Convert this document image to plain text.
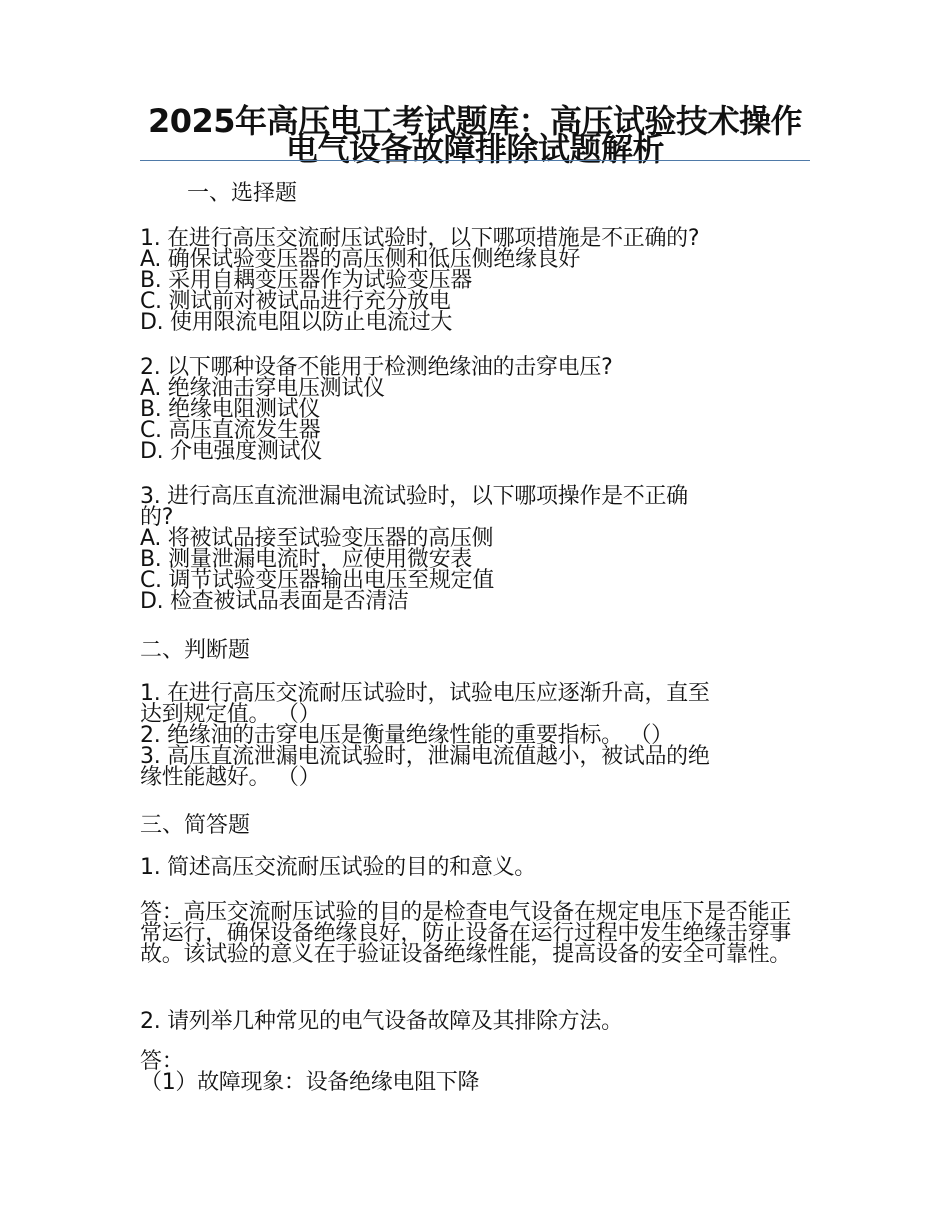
2025年高压电工考试题库：高压试验技术操作电气设备故障排除试题解析
一、选择题
1. 在进行高压交流耐压试验时，以下哪项措施是不正确的?
A. 确保试验变压器的高压侧和低压侧绝缘良好
B. 采用自耦变压器作为试验变压器
C. 测试前对被试品进行充分放电
D. 使用限流电阻以防止电流过大
2. 以下哪种设备不能用于检测绝缘油的击穿电压?
A. 绝缘油击穿电压测试仪
B. 绝缘电阻测试仪
C. 高压直流发生器
D. 介电强度测试仪
3. 进行高压直流泄漏电流试验时，以下哪项操作是不正确
的?
A. 将被试品接至试验变压器的高压侧
B. 测量泄漏电流时，应使用微安表
C. 调节试验变压器输出电压至规定值
D. 检查被试品表面是否清洁
二、判断题
1. 在进行高压交流耐压试验时，试验电压应逐渐升高，直至
达到规定值。 （）
2. 绝缘油的击穿电压是衡量绝缘性能的重要指标。 （）
3. 高压直流泄漏电流试验时，泄漏电流值越小，被试品的绝
缘性能越好。 （）
三、简答题
1. 简述高压交流耐压试验的目的和意义。
答：高压交流耐压试验的目的是检查电气设备在规定电压下是否能正常运行，确保设备绝缘良好，防止设备在运行过程中发生绝缘击穿事故。该试验的意义在于验证设备绝缘性能，提高设备的安全可靠性。
2. 请列举几种常见的电气设备故障及其排除方法。
答：
（1）故障现象：设备绝缘电阻下降
